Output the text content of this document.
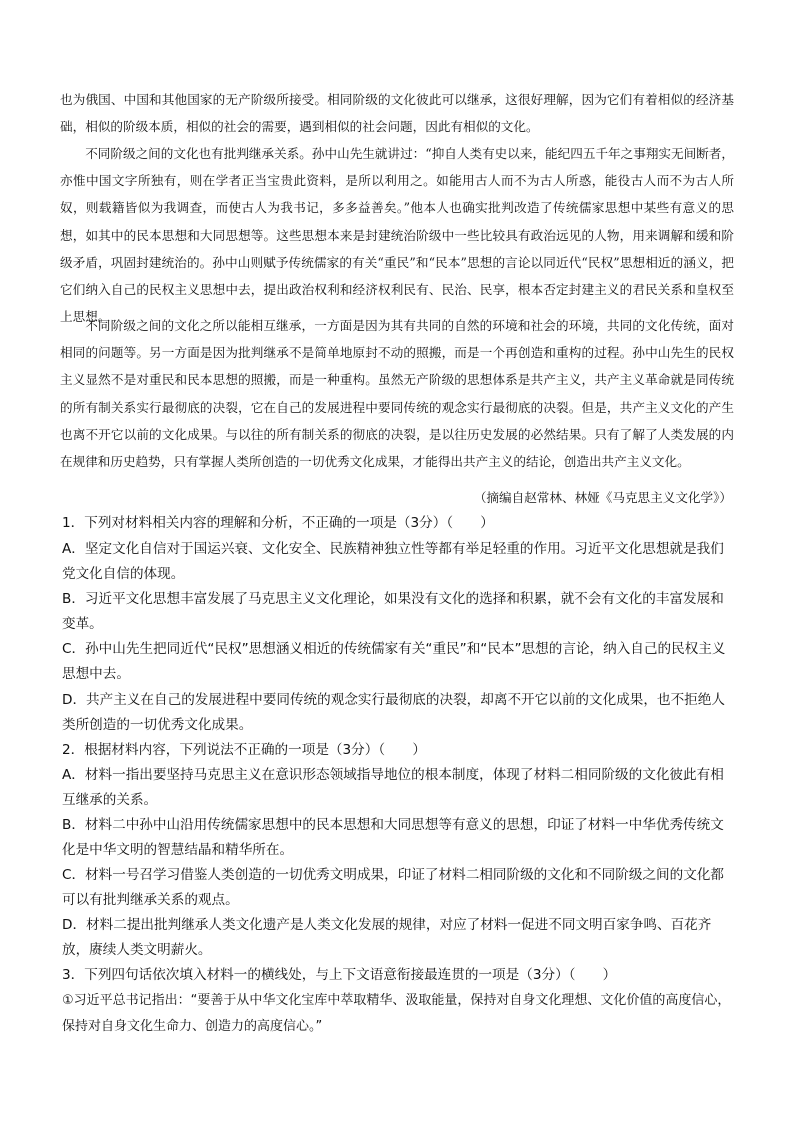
也为俄国、中国和其他国家的无产阶级所接受。相同阶级的文化彼此可以继承，这很好理解，因为它们有着相似的经济基础，相似的阶级本质，相似的社会的需要，遇到相似的社会问题，因此有相似的文化。

不同阶级之间的文化也有批判继承关系。孙中山先生就讲过：“抑自人类有史以来，能纪四五千年之事翔实无间断者，亦惟中国文字所独有，则在学者正当宝贵此资料，是所以利用之。如能用古人而不为古人所惑，能役古人而不为古人所奴，则载籍皆似为我调查，而使古人为我书记，多多益善矣。”他本人也确实批判改造了传统儒家思想中某些有意义的思想，如其中的民本思想和大同思想等。这些思想本来是封建统治阶级中一些比较具有政治远见的人物，用来调解和缓和阶级矛盾，巩固封建统治的。孙中山则赋予传统儒家的有关“重民”和“民本”思想的言论以同近代“民权”思想相近的涵义，把它们纳入自己的民权主义思想中去，提出政治权利和经济权利民有、民治、民享，根本否定封建主义的君民关系和皇权至上思想。

不同阶级之间的文化之所以能相互继承，一方面是因为其有共同的自然的环境和社会的环境，共同的文化传统，面对相同的问题等。另一方面是因为批判继承不是简单地原封不动的照搬，而是一个再创造和重构的过程。孙中山先生的民权主义显然不是对重民和民本思想的照搬，而是一种重构。虽然无产阶级的思想体系是共产主义，共产主义革命就是同传统的所有制关系实行最彻底的决裂，它在自己的发展进程中要同传统的观念实行最彻底的决裂。但是，共产主义文化的产生也离不开它以前的文化成果。与以往的所有制关系的彻底的决裂，是以往历史发展的必然结果。只有了解了人类发展的内在规律和历史趋势，只有掌握人类所创造的一切优秀文化成果，才能得出共产主义的结论，创造出共产主义文化。

（摘编自赵常林、林娅《马克思主义文化学》）

1．下列对材料相关内容的理解和分析，不正确的一项是（3分）（　　）

A．坚定文化自信对于国运兴衰、文化安全、民族精神独立性等都有举足轻重的作用。习近平文化思想就是我们党文化自信的体现。

B．习近平文化思想丰富发展了马克思主义文化理论，如果没有文化的选择和积累，就不会有文化的丰富发展和变革。

C．孙中山先生把同近代“民权”思想涵义相近的传统儒家有关“重民”和“民本”思想的言论，纳入自己的民权主义思想中去。

D．共产主义在自己的发展进程中要同传统的观念实行最彻底的决裂，却离不开它以前的文化成果，也不拒绝人类所创造的一切优秀文化成果。

2．根据材料内容，下列说法不正确的一项是（3分）（　　）

A．材料一指出要坚持马克思主义在意识形态领域指导地位的根本制度，体现了材料二相同阶级的文化彼此有相互继承的关系。

B．材料二中孙中山沿用传统儒家思想中的民本思想和大同思想等有意义的思想，印证了材料一中华优秀传统文化是中华文明的智慧结晶和精华所在。

C．材料一号召学习借鉴人类创造的一切优秀文明成果，印证了材料二相同阶级的文化和不同阶级之间的文化都可以有批判继承关系的观点。

D．材料二提出批判继承人类文化遗产是人类文化发展的规律，对应了材料一促进不同文明百家争鸣、百花齐放，赓续人类文明薪火。

3．下列四句话依次填入材料一的横线处，与上下文语意衔接最连贯的一项是（3分）（　　）

①习近平总书记指出：“要善于从中华文化宝库中萃取精华、汲取能量，保持对自身文化理想、文化价值的高度信心，保持对自身文化生命力、创造力的高度信心。”
